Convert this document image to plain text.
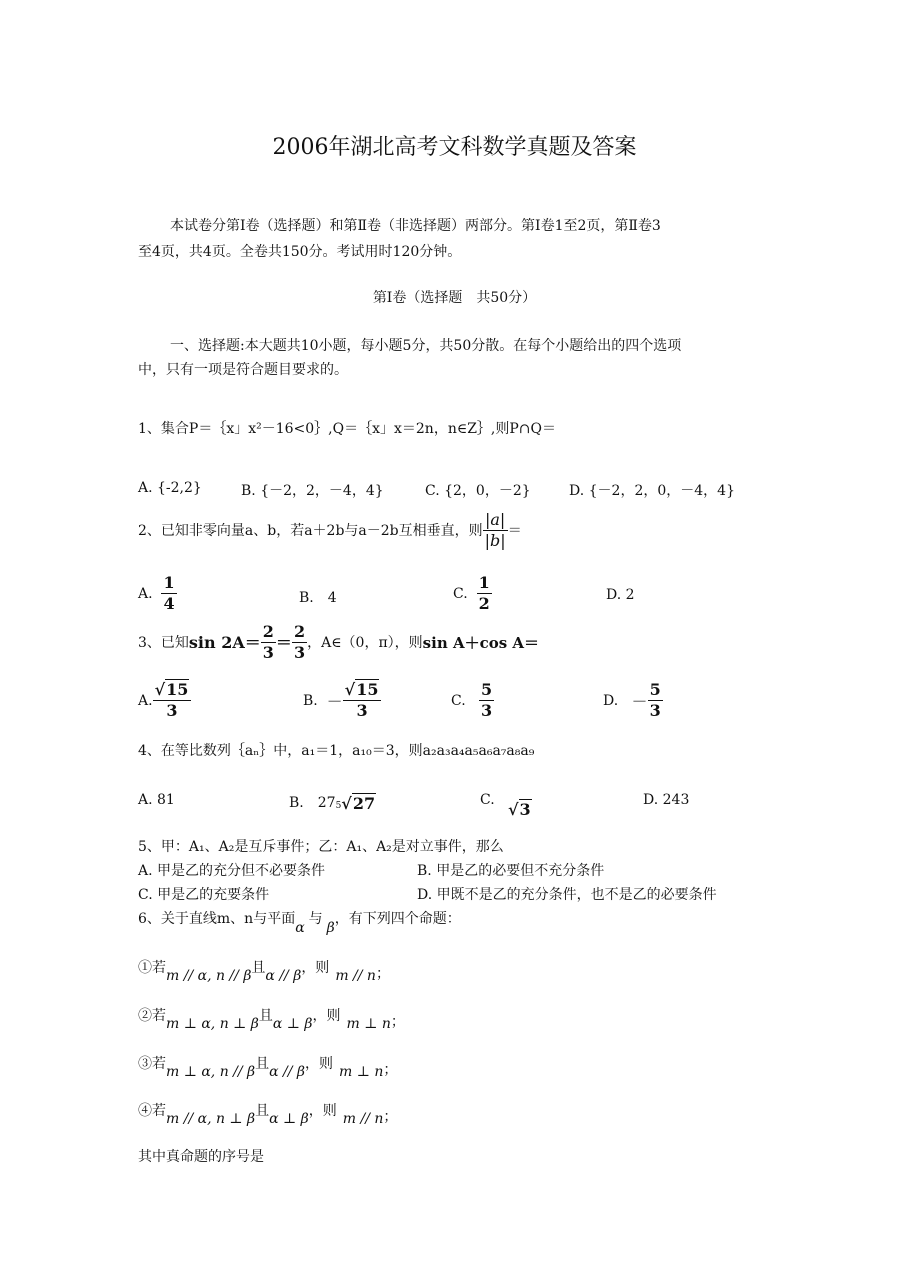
2006年湖北高考文科数学真题及答案
本试卷分第Ⅰ卷（选择题）和第Ⅱ卷（非选择题）两部分。第Ⅰ卷1至2页，第Ⅱ卷3
至4页，共4页。全卷共150分。考试用时120分钟。
第Ⅰ卷（选择题　共50分）
一、选择题:本大题共10小题，每小题5分，共50分散。在每个小题给出的四个选项
中，只有一项是符合题目要求的。
1、集合P＝｛x」x²－16<0｝,Q＝｛x」x＝2n，n∈Z｝,则P∩Q＝
A. {-2,2}	B. {－2，2，－4，4}	C. {2，0，－2}	D. {－2，2，0，－4，4}
2、已知非零向量a、b，若a＋2b与a－2b互相垂直，则 $\frac{|a|}{|b|}$ ＝
A.
$\frac{1}{4}$	B.　4	C.
$\frac{1}{2}$	D. 2
3、已知 $\sin 2A = \frac{2}{3} = \frac{2}{3}$ ，A∈（0，π），则 sin A＋cos A＝
A. $\frac{√15}{3}$	B.
－ $\frac{√15}{3}$	C.
$\frac{5}{3}$	D.
－ $\frac{5}{3}$
4、在等比数列｛aₙ｝中，a₁＝1，a₁₀＝3，则a₂a₃a₄a₅a₆a₇a₈a₉
A. 81	B.　27 5 √27	C.
√3	D. 243
5、甲：A₁、A₂是互斥事件；乙：A₁、A₂是对立事件，那么
A. 甲是乙的充分但不必要条件	B. 甲是乙的必要但不充分条件
C. 甲是乙的充要条件	D. 甲既不是乙的充分条件，也不是乙的必要条件
6、关于直线m、n与平面
α
与
β
，有下列四个命题：
①若 m // α, n // β 且 α // β ，则 m // n ；
②若 m ⊥ α, n ⊥ β 且 α ⊥ β ，则 m ⊥ n ；
③若 m ⊥ α, n // β 且 α // β ，则 m ⊥ n ；
④若 m // α, n ⊥ β 且 α ⊥ β ，则 m // n ；
其中真命题的序号是
